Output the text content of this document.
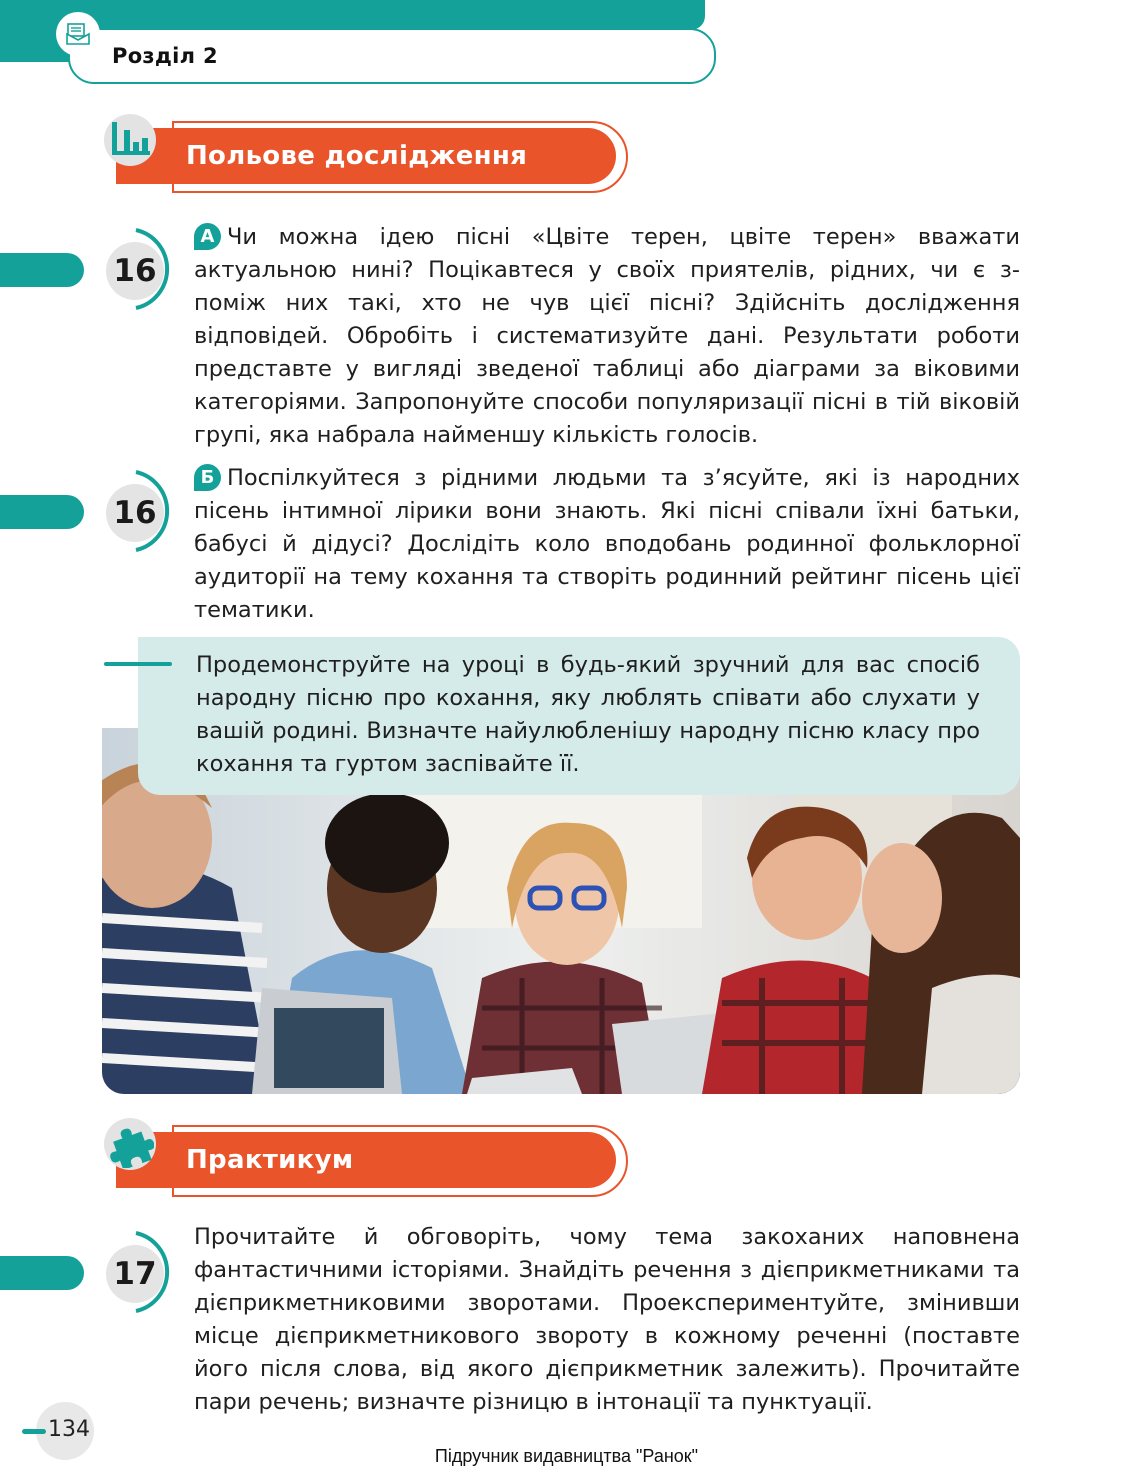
Розділ 2
Польове дослідження
16
А Чи можна ідею пісні «Цвіте терен, цвіте терен» вважати актуальною нині? Поцікавтеся у своїх приятелів, рідних, чи є з-поміж них такі, хто не чув цієї пісні? Здійсніть дослідження відповідей. Обробіть і систематизуйте дані. Результати роботи представте у вигляді зведеної таблиці або діаграми за віковими категоріями. Запропонуйте способи популяризації пісні в тій віковій групі, яка набрала найменшу кількість голосів.
16
Б Поспілкуйтеся з рідними людьми та з’ясуйте, які із народних пісень інтимної лірики вони знають. Які пісні співали їхні батьки, бабусі й дідусі? Дослідіть коло вподобань родинної фольклорної аудиторії на тему кохання та створіть родинний рейтинг пісень цієї тематики.
Продемонструйте на уроці в будь-який зручний для вас спосіб народну пісню про кохання, яку люблять співати або слухати у вашій родині. Визначте найулюбленішу народну пісню класу про кохання та гуртом заспівайте її.
Практикум
17
Прочитайте й обговоріть, чому тема закоханих наповнена фантастичними історіями. Знайдіть речення з дієприкметниками та дієприкметниковими зворотами. Проекспериментуйте, змінивши місце дієприкметникового звороту в кожному реченні (поставте його після слова, від якого дієприкметник залежить). Прочитайте пари речень; визначте різницю в інтонації та пунктуації.
134
Підручник видавництва "Ранок"
